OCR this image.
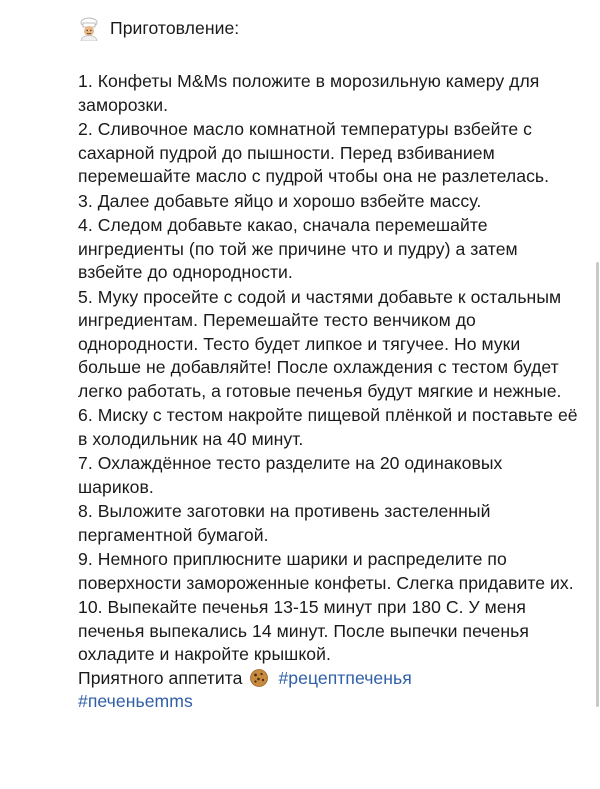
Приготовление:
1. Конфеты M&Ms положите в морозильную камеру для заморозки.
2. Сливочное масло комнатной температуры взбейте с сахарной пудрой до пышности. Перед взбиванием перемешайте масло с пудрой чтобы она не разлетелась.
3. Далее добавьте яйцо и хорошо взбейте массу.
4. Следом добавьте какао, сначала перемешайте ингредиенты (по той же причине что и пудру) а затем взбейте до однородности.
5. Муку просейте с содой и частями добавьте к остальным ингредиентам. Перемешайте тесто венчиком до однородности. Тесто будет липкое и тягучее. Но муки больше не добавляйте! После охлаждения с тестом будет легко работать, а готовые печенья будут мягкие и нежные.
6. Миску с тестом накройте пищевой плёнкой и поставьте её в холодильник на 40 минут.
7. Охлаждённое тесто разделите на 20 одинаковых шариков.
8. Выложите заготовки на противень застеленный пергаментной бумагой.
9. Немного приплюсните шарики и распределите по поверхности замороженные конфеты. Слегка придавите их.
10. Выпекайте печенья 13-15 минут при 180 С. У меня печенья выпекались 14 минут. После выпечки печенья охладите и накройте крышкой.
Приятного аппетита #рецептпеченья
#печеньеmms
